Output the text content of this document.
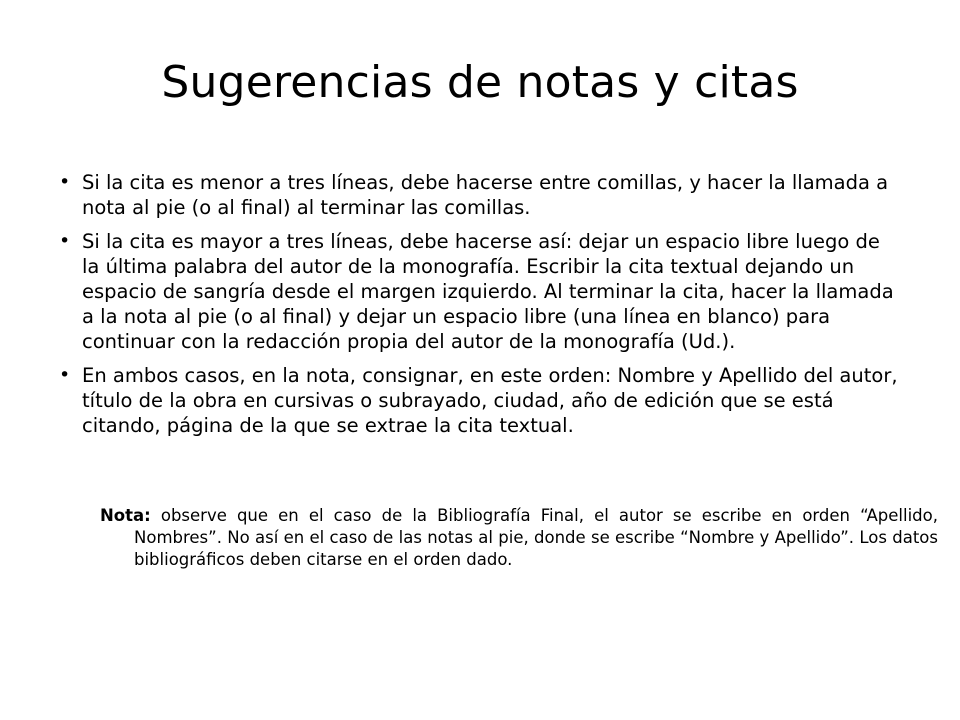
Sugerencias de notas y citas
• Si la cita es menor a tres líneas, debe hacerse entre comillas, y hacer la llamada a nota al pie (o al final) al terminar las comillas.
• Si la cita es mayor a tres líneas, debe hacerse así: dejar un espacio libre luego de la última palabra del autor de la monografía. Escribir la cita textual dejando un espacio de sangría desde el margen izquierdo. Al terminar la cita, hacer la llamada a la nota al pie (o al final) y dejar un espacio libre (una línea en blanco) para continuar con la redacción propia del autor de la monografía (Ud.).
• En ambos casos, en la nota, consignar, en este orden: Nombre y Apellido del autor, título de la obra en cursivas o subrayado, ciudad, año de edición que se está citando, página de la que se extrae la cita textual.

Nota: observe que en el caso de la Bibliografía Final, el autor se escribe en orden “Apellido, Nombres”. No así en el caso de las notas al pie, donde se escribe “Nombre y Apellido”. Los datos bibliográficos deben citarse en el orden dado.
